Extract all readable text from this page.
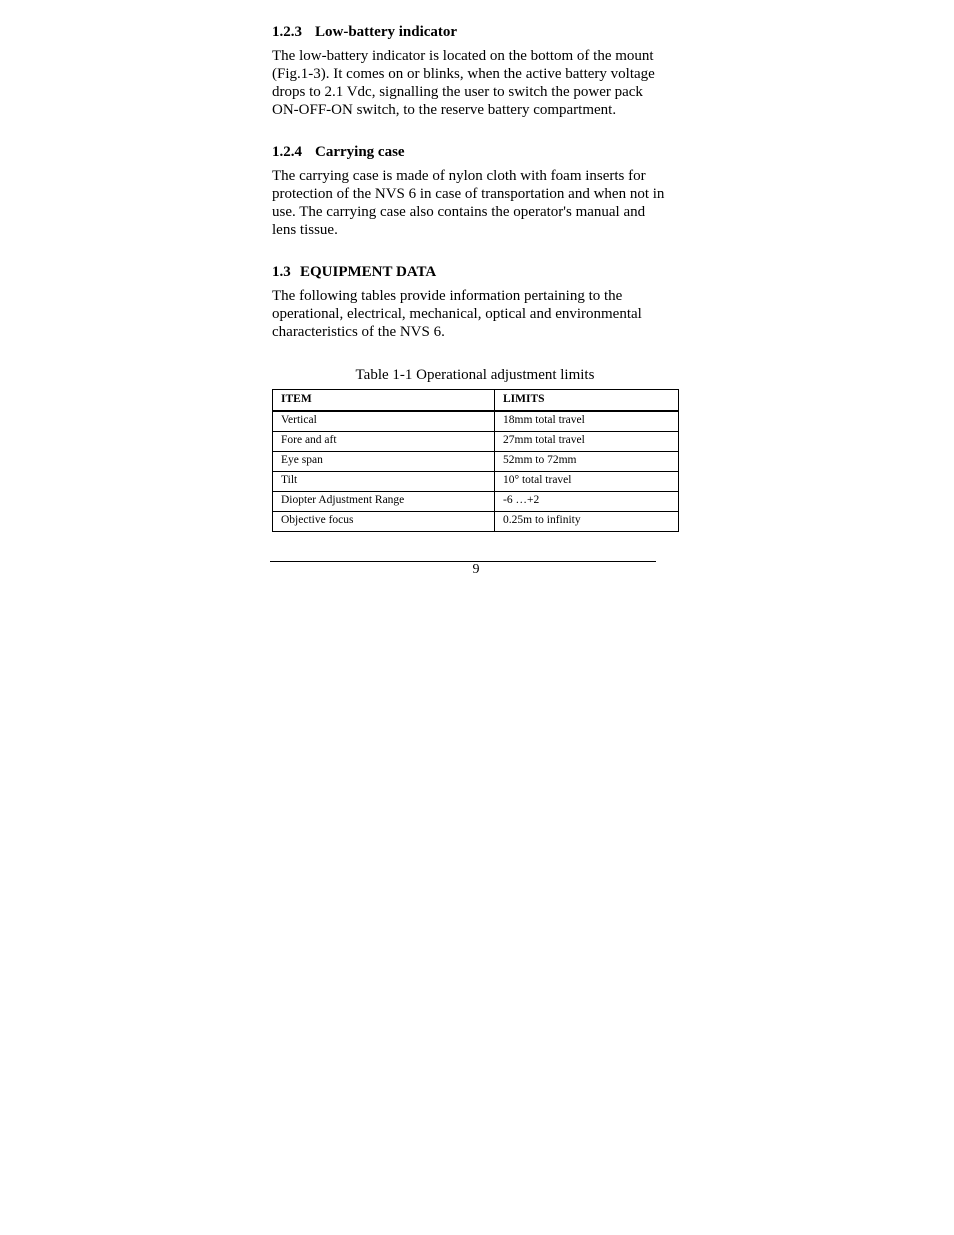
1.2.3 Low-battery indicator

The low-battery indicator is located on the bottom of the mount
(Fig.1-3). It comes on or blinks, when the active battery voltage
drops to 2.1 Vdc, signalling the user to switch the power pack
ON-OFF-ON switch, to the reserve battery compartment.

1.2.4 Carrying case

The carrying case is made of nylon cloth with foam inserts for
protection of the NVS 6 in case of transportation and when not in
use. The carrying case also contains the operator's manual and
lens tissue.

1.3 EQUIPMENT DATA

The following tables provide information pertaining to the
operational, electrical, mechanical, optical and environmental
characteristics of the NVS 6.

Table 1-1 Operational adjustment limits
ITEM	LIMITS
Vertical	18mm total travel
Fore and aft	27mm total travel
Eye span	52mm to 72mm
Tilt	10° total travel
Diopter Adjustment Range	-6 …+2
Objective focus	0.25m to infinity
9
